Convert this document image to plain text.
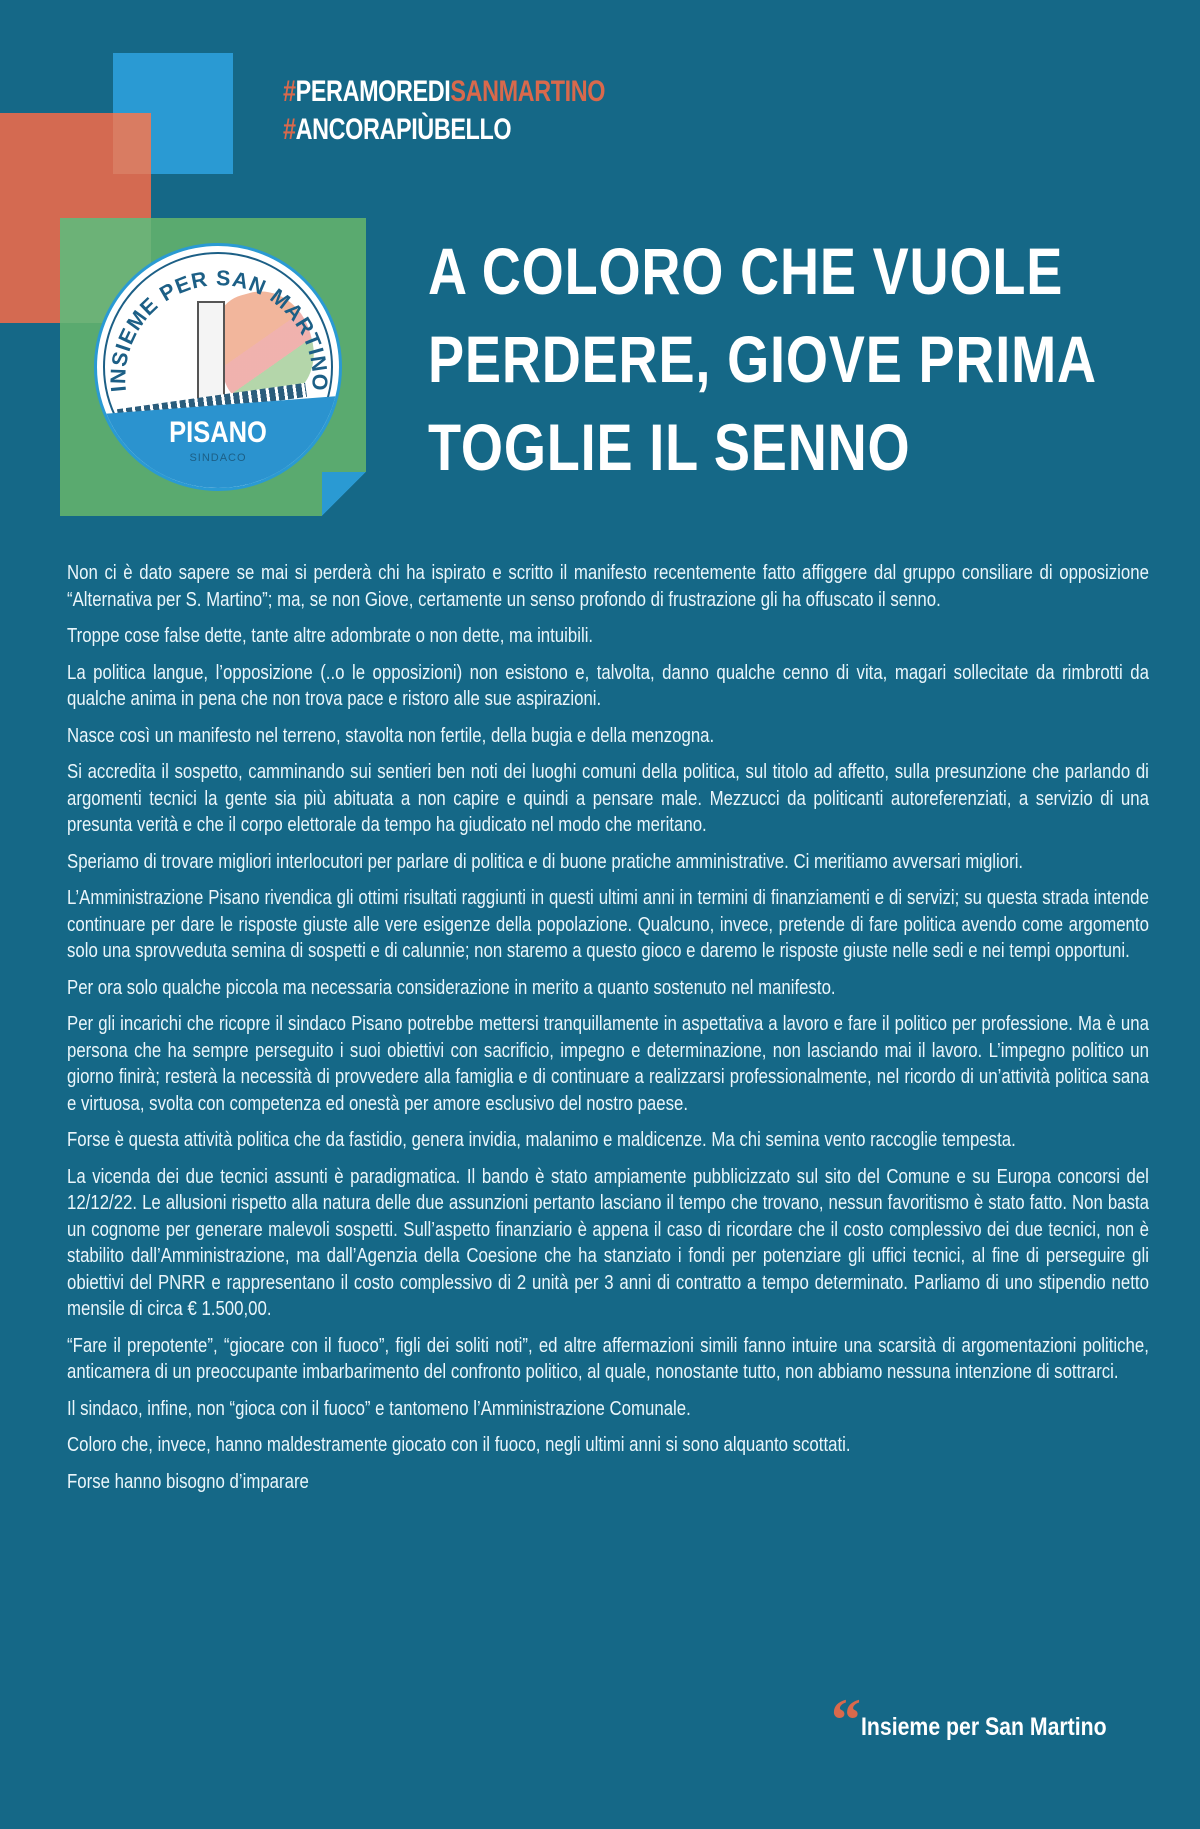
#PERAMOREDISANMARTINO
#ANCORAPIÙBELLO
INSIEME PER SAN MARTINO
PISANO
SINDACO
A COLORO CHE VUOLE
PERDERE, GIOVE PRIMA
TOGLIE IL SENNO

Non ci è dato sapere se mai si perderà chi ha ispirato e scritto il manifesto recentemente fatto affiggere dal gruppo consiliare di opposizione “Alternativa per S. Martino”; ma, se non Giove, certamente un senso profondo di frustrazione gli ha offuscato il senno.

Troppe cose false dette, tante altre adombrate o non dette, ma intuibili.

La politica langue, l’opposizione (..o le opposizioni) non esistono e, talvolta, danno qualche cenno di vita, magari sollecitate da rimbrotti da qualche anima in pena che non trova pace e ristoro alle sue aspirazioni.

Nasce così un manifesto nel terreno, stavolta non fertile, della bugia e della menzogna.

Si accredita il sospetto, camminando sui sentieri ben noti dei luoghi comuni della politica, sul titolo ad affetto, sulla presunzione che parlando di argomenti tecnici la gente sia più abituata a non capire e quindi a pensare male. Mezzucci da politicanti autoreferenziati, a servizio di una presunta verità e che il corpo elettorale da tempo ha giudicato nel modo che meritano.

Speriamo di trovare migliori interlocutori per parlare di politica e di buone pratiche amministrative. Ci meritiamo avversari migliori.

L’Amministrazione Pisano rivendica gli ottimi risultati raggiunti in questi ultimi anni in termini di finanziamenti e di servizi; su questa strada intende continuare per dare le risposte giuste alle vere esigenze della popolazione. Qualcuno, invece, pretende di fare politica avendo come argomento solo una sprovveduta semina di sospetti e di calunnie; non staremo a questo gioco e daremo le risposte giuste nelle sedi e nei tempi opportuni.

Per ora solo qualche piccola ma necessaria considerazione in merito a quanto sostenuto nel manifesto.

Per gli incarichi che ricopre il sindaco Pisano potrebbe mettersi tranquillamente in aspettativa a lavoro e fare il politico per professione. Ma è una persona che ha sempre perseguito i suoi obiettivi con sacrificio, impegno e determinazione, non lasciando mai il lavoro. L’impegno politico un giorno finirà; resterà la necessità di provvedere alla famiglia e di continuare a realizzarsi professionalmente, nel ricordo di un’attività politica sana e virtuosa, svolta con competenza ed onestà per amore esclusivo del nostro paese.

Forse è questa attività politica che da fastidio, genera invidia, malanimo e maldicenze. Ma chi semina vento raccoglie tempesta.

La vicenda dei due tecnici assunti è paradigmatica. Il bando è stato ampiamente pubblicizzato sul sito del Comune e su Europa concorsi del 12/12/22. Le allusioni rispetto alla natura delle due assunzioni pertanto lasciano il tempo che trovano, nessun favoritismo è stato fatto. Non basta un cognome per generare malevoli sospetti. Sull’aspetto finanziario è appena il caso di ricordare che il costo complessivo dei due tecnici, non è stabilito dall’Amministrazione, ma dall’Agenzia della Coesione che ha stanziato i fondi per potenziare gli uffici tecnici, al fine di perseguire gli obiettivi del PNRR e rappresentano il costo complessivo di 2 unità per 3 anni di contratto a tempo determinato. Parliamo di uno stipendio netto mensile di circa € 1.500,00.

“Fare il prepotente”, “giocare con il fuoco”, figli dei soliti noti”, ed altre affermazioni simili fanno intuire una scarsità di argomentazioni politiche, anticamera di un preoccupante imbarbarimento del confronto politico, al quale, nonostante tutto, non abbiamo nessuna intenzione di sottrarci.

Il sindaco, infine, non “gioca con il fuoco” e tantomeno l’Amministrazione Comunale.

Coloro che, invece, hanno maldestramente giocato con il fuoco, negli ultimi anni si sono alquanto scottati.

Forse hanno bisogno d’imparare

“ Insieme per San Martino
